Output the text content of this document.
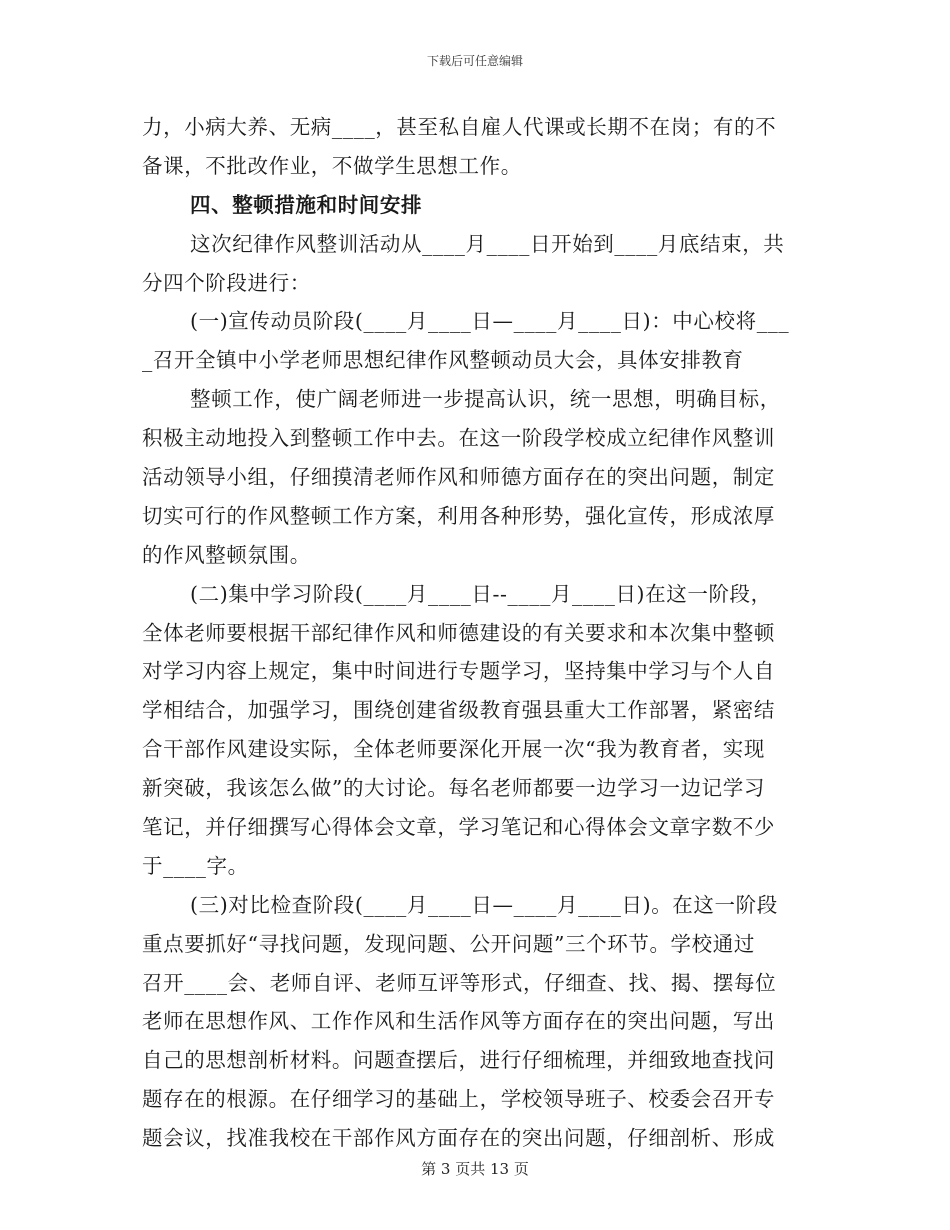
下载后可任意编辑
力，小病大养、无病____，甚至私自雇人代课或长期不在岗；有的不
备课，不批改作业，不做学生思想工作。
四、整顿措施和时间安排
这次纪律作风整训活动从____月____日开始到____月底结束，共
分四个阶段进行：
(一)宣传动员阶段(____月____日—____月____日)：中心校将___
_召开全镇中小学老师思想纪律作风整顿动员大会，具体安排教育
整顿工作，使广阔老师进一步提高认识，统一思想，明确目标，
积极主动地投入到整顿工作中去。在这一阶段学校成立纪律作风整训
活动领导小组，仔细摸清老师作风和师德方面存在的突出问题，制定
切实可行的作风整顿工作方案，利用各种形势，强化宣传，形成浓厚
的作风整顿氛围。
(二)集中学习阶段(____月____日--____月____日)在这一阶段，
全体老师要根据干部纪律作风和师德建设的有关要求和本次集中整顿
对学习内容上规定，集中时间进行专题学习，坚持集中学习与个人自
学相结合，加强学习，围绕创建省级教育强县重大工作部署，紧密结
合干部作风建设实际，全体老师要深化开展一次“我为教育者，实现
新突破，我该怎么做”的大讨论。每名老师都要一边学习一边记学习
笔记，并仔细撰写心得体会文章，学习笔记和心得体会文章字数不少
于____字。
(三)对比检查阶段(____月____日—____月____日)。在这一阶段
重点要抓好“寻找问题，发现问题、公开问题”三个环节。学校通过
召开____会、老师自评、老师互评等形式，仔细查、找、揭、摆每位
老师在思想作风、工作作风和生活作风等方面存在的突出问题，写出
自己的思想剖析材料。问题查摆后，进行仔细梳理，并细致地查找问
题存在的根源。在仔细学习的基础上，学校领导班子、校委会召开专
题会议，找准我校在干部作风方面存在的突出问题，仔细剖析、形成
第 3 页共 13 页
